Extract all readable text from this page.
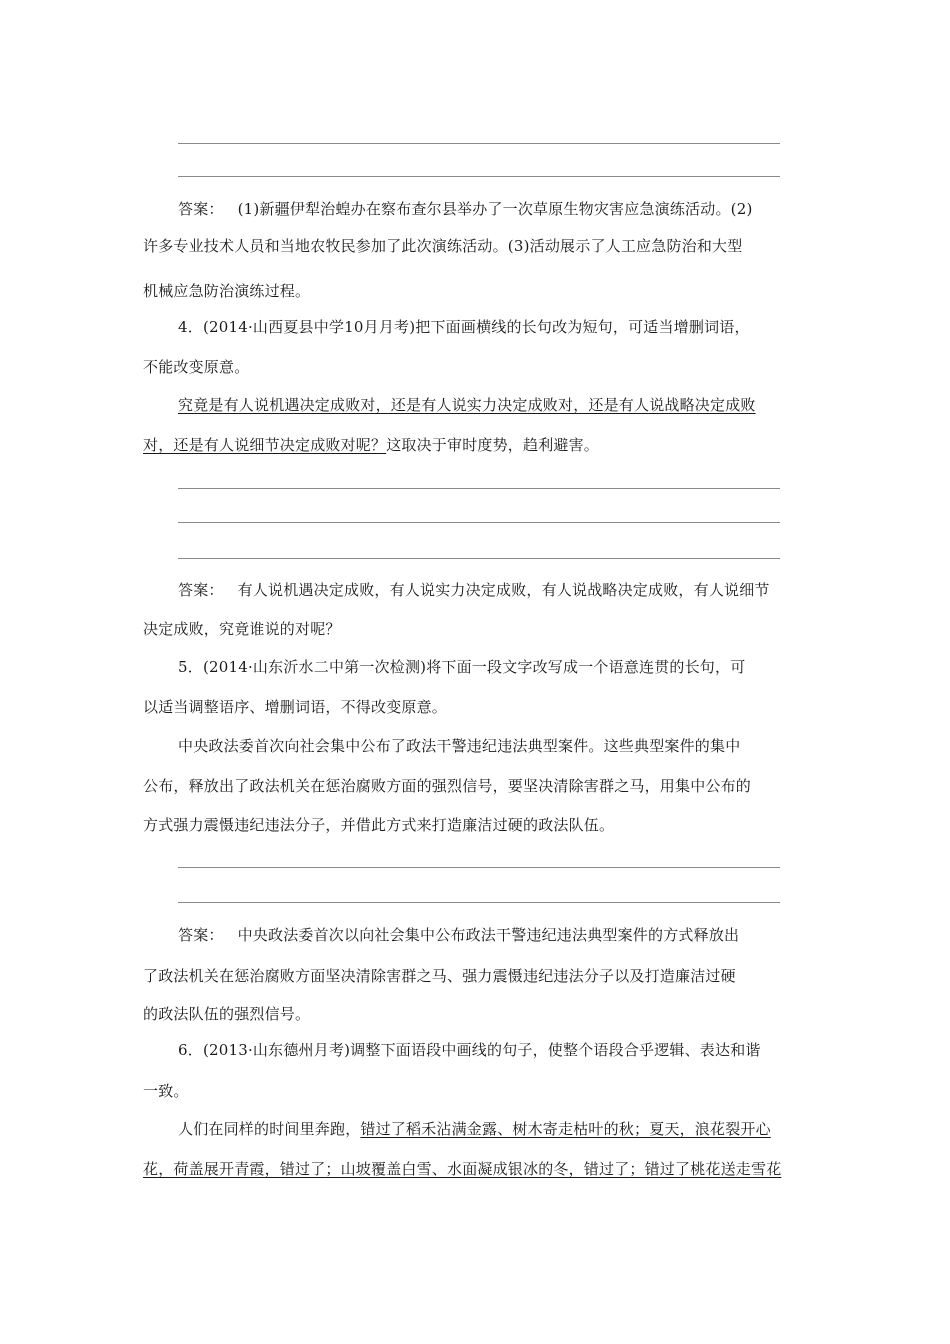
答案： (1)新疆伊犁治蝗办在察布查尔县举办了一次草原生物灾害应急演练活动。(2)
许多专业技术人员和当地农牧民参加了此次演练活动。(3)活动展示了人工应急防治和大型
机械应急防治演练过程。
4．(2014·山西夏县中学10月月考)把下面画横线的长句改为短句，可适当增删词语，
不能改变原意。
究竟是有人说机遇决定成败对，还是有人说实力决定成败对，还是有人说战略决定成败
对，还是有人说细节决定成败对呢？这取决于审时度势，趋利避害。
答案： 有人说机遇决定成败，有人说实力决定成败，有人说战略决定成败，有人说细节
决定成败，究竟谁说的对呢？
5．(2014·山东沂水二中第一次检测)将下面一段文字改写成一个语意连贯的长句，可
以适当调整语序、增删词语，不得改变原意。
中央政法委首次向社会集中公布了政法干警违纪违法典型案件。这些典型案件的集中
公布，释放出了政法机关在惩治腐败方面的强烈信号，要坚决清除害群之马，用集中公布的
方式强力震慑违纪违法分子，并借此方式来打造廉洁过硬的政法队伍。
答案： 中央政法委首次以向社会集中公布政法干警违纪违法典型案件的方式释放出
了政法机关在惩治腐败方面坚决清除害群之马、强力震慑违纪违法分子以及打造廉洁过硬
的政法队伍的强烈信号。
6．(2013·山东德州月考)调整下面语段中画线的句子，使整个语段合乎逻辑、表达和谐
一致。
人们在同样的时间里奔跑，错过了稻禾沾满金露、树木寄走枯叶的秋；夏天，浪花裂开心
花，荷盖展开青霞，错过了；山坡覆盖白雪、水面凝成银冰的冬，错过了；错过了桃花送走雪花
